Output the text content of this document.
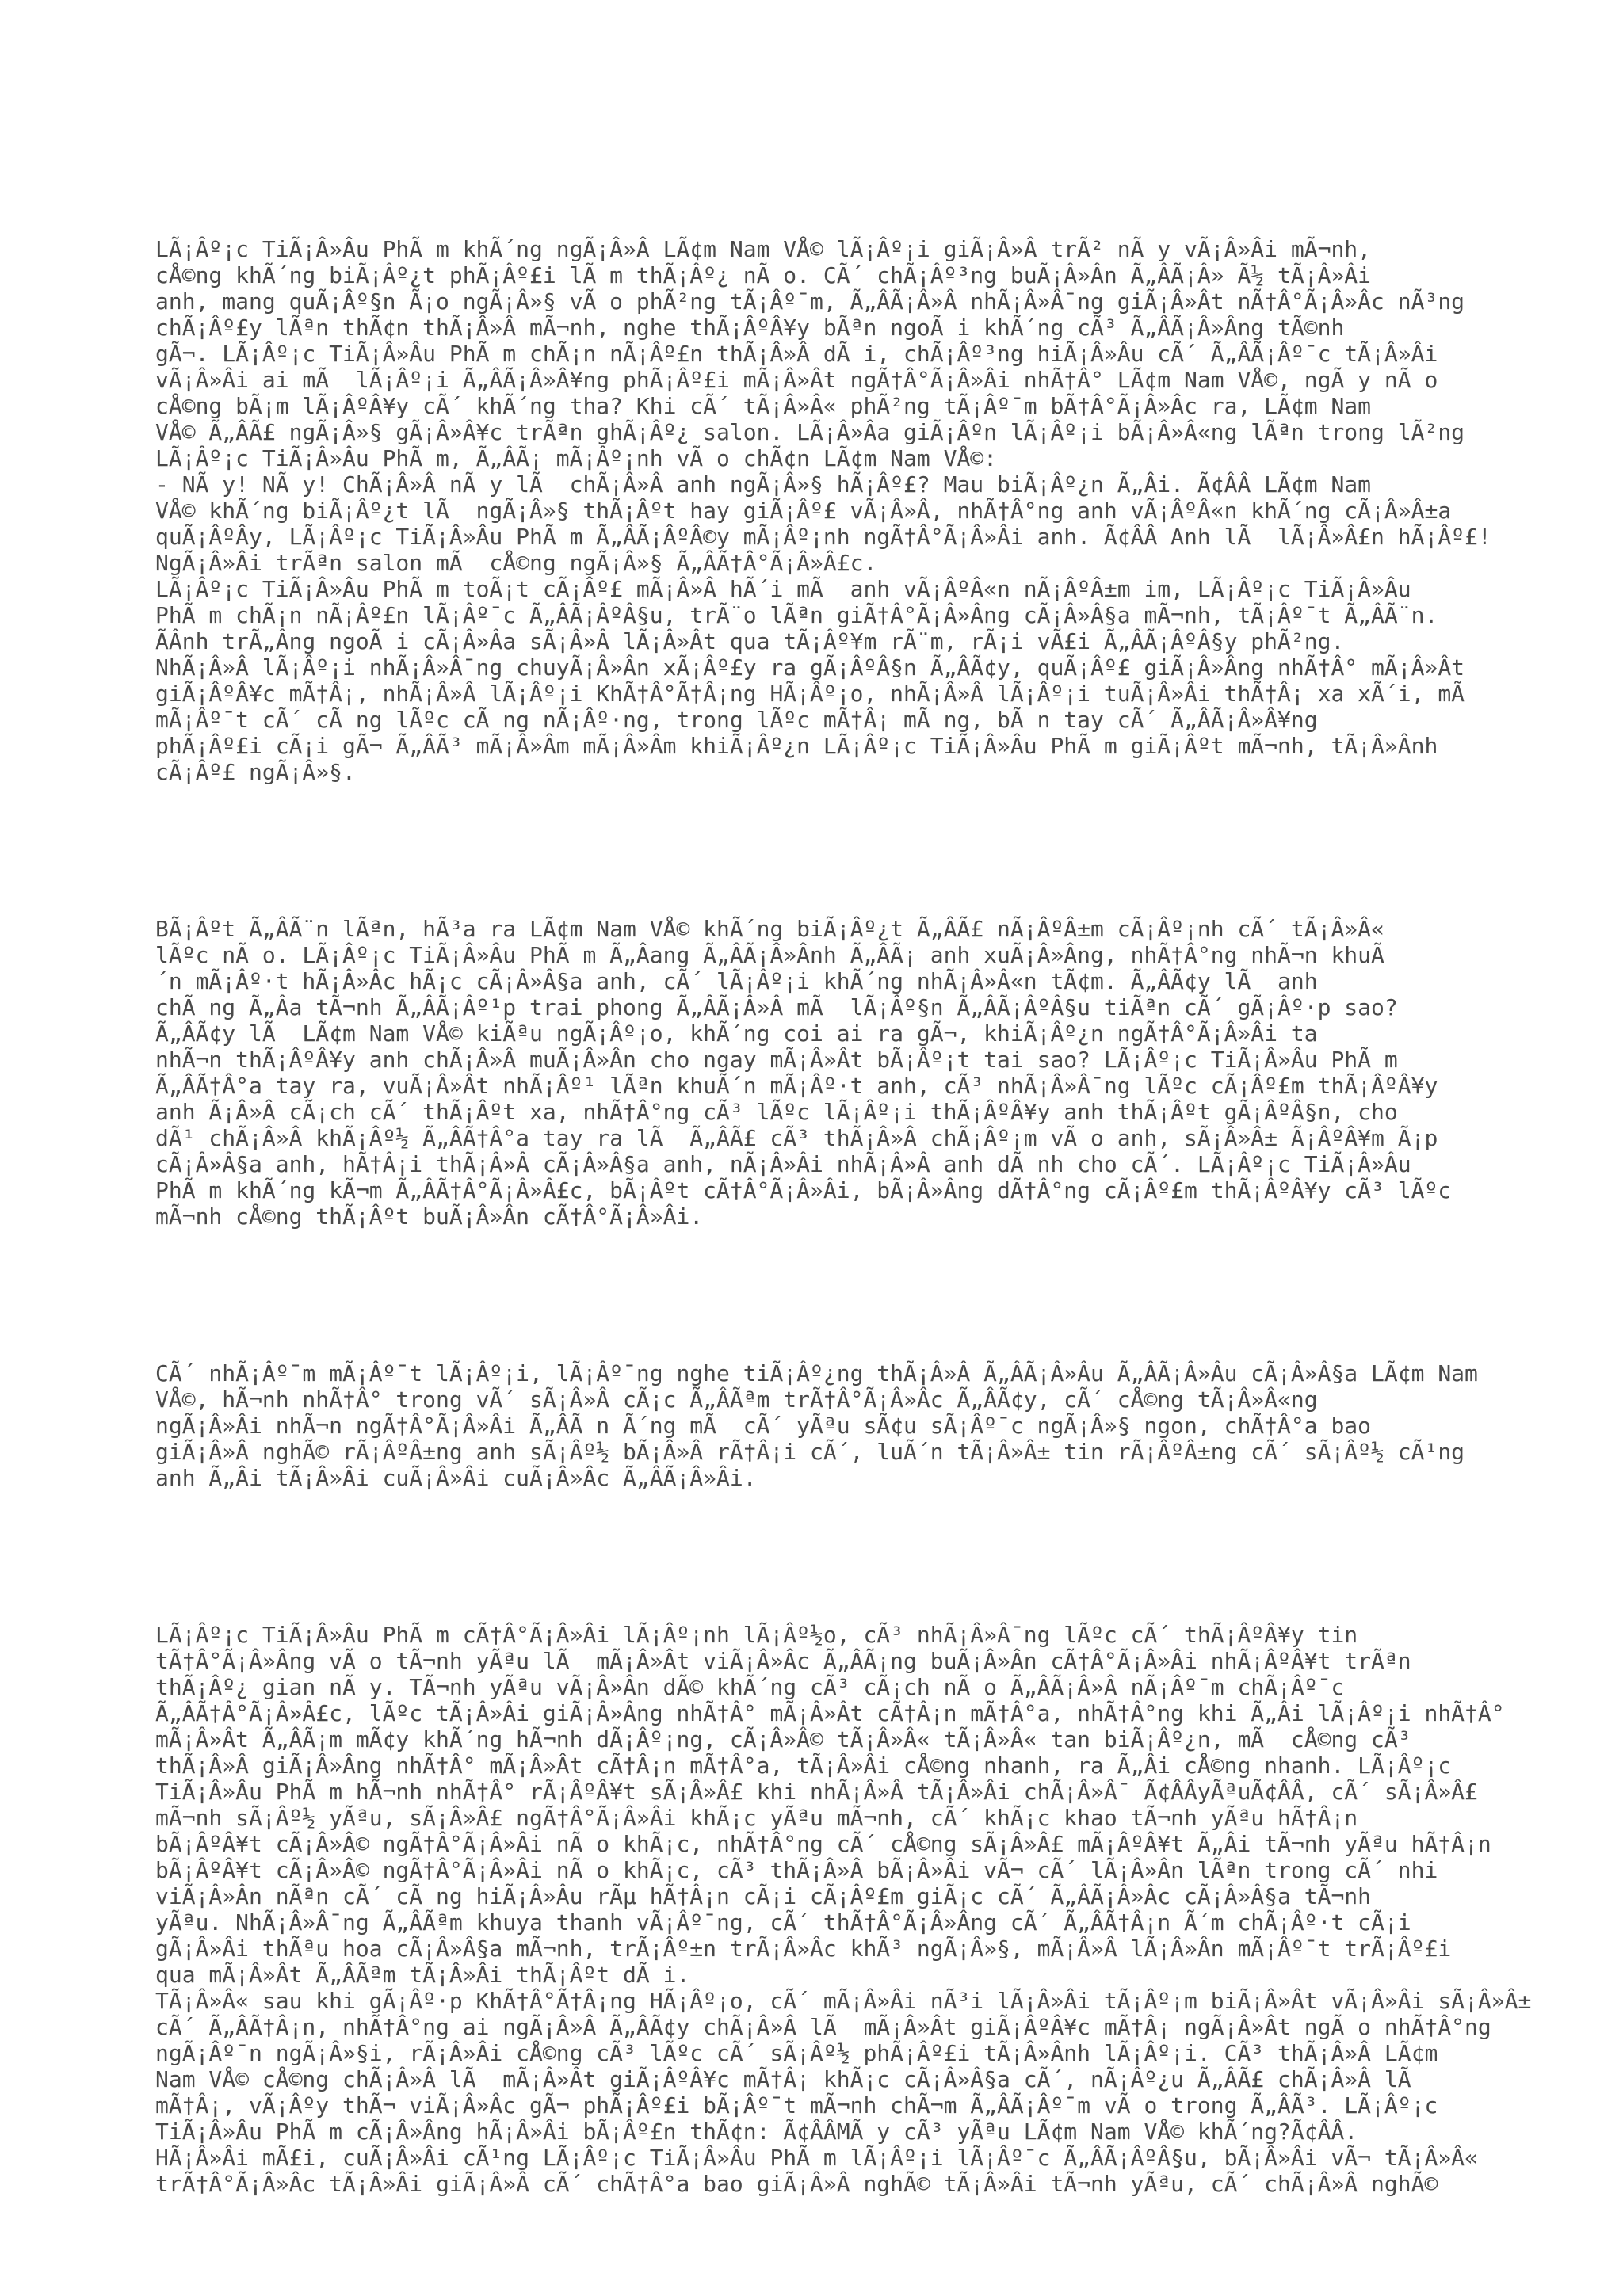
LÃ¡Âº¡c TiÃ¡Â»Âu PhÃ m khÃ´ng ngÃ¡Â»Â LÃ¢m Nam VÅ© lÃ¡Âº¡i giÃ¡Â»Â trÃ² nÃ y vÃ¡Â»Âi mÃ¬nh,
cÅ©ng khÃ´ng biÃ¡Âº¿t phÃ¡Âº£i lÃ m thÃ¡Âº¿ nÃ o. CÃ´ chÃ¡Âº³ng buÃ¡Â»Ân Ã„ÂÃ¡Â» Ã½ tÃ¡Â»Âi
anh, mang quÃ¡Âº§n Ã¡o ngÃ¡Â»§ vÃ o phÃ²ng tÃ¡Âº¯m, Ã„ÂÃ¡Â»Â nhÃ¡Â»Â¯ng giÃ¡Â»Ât nÃ†Â°Ã¡Â»Âc nÃ³ng
chÃ¡Âº£y lÃªn thÃ¢n thÃ¡Â»Â mÃ¬nh, nghe thÃ¡ÂºÂ¥y bÃªn ngoÃ i khÃ´ng cÃ³ Ã„ÂÃ¡Â»Âng tÃ©nh
gÃ¬. LÃ¡Âº¡c TiÃ¡Â»Âu PhÃ m chÃ¡n nÃ¡Âº£n thÃ¡Â»Â dÃ i, chÃ¡Âº³ng hiÃ¡Â»Âu cÃ´ Ã„ÂÃ¡Âº¯c tÃ¡Â»Âi
vÃ¡Â»Âi ai mÃ  lÃ¡Âº¡i Ã„ÂÃ¡Â»Â¥ng phÃ¡Âº£i mÃ¡Â»Ât ngÃ†Â°Ã¡Â»Âi nhÃ†Â° LÃ¢m Nam VÅ©, ngÃ y nÃ o
cÅ©ng bÃ¡m lÃ¡ÂºÂ¥y cÃ´ khÃ´ng tha? Khi cÃ´ tÃ¡Â»Â« phÃ²ng tÃ¡Âº¯m bÃ†Â°Ã¡Â»Âc ra, LÃ¢m Nam
VÅ© Ã„ÂÃ£ ngÃ¡Â»§ gÃ¡Â»Â¥c trÃªn ghÃ¡Âº¿ salon. LÃ¡Â»Âa giÃ¡Âºn lÃ¡Âº¡i bÃ¡Â»Â«ng lÃªn trong lÃ²ng
LÃ¡Âº¡c TiÃ¡Â»Âu PhÃ m, Ã„ÂÃ¡ mÃ¡Âº¡nh vÃ o chÃ¢n LÃ¢m Nam VÅ©:
- NÃ y! NÃ y! ChÃ¡Â»Â nÃ y lÃ  chÃ¡Â»Â anh ngÃ¡Â»§ hÃ¡Âº£? Mau biÃ¡Âº¿n Ã„Âi. Ã¢ÂÂ LÃ¢m Nam
VÅ© khÃ´ng biÃ¡Âº¿t lÃ  ngÃ¡Â»§ thÃ¡Âºt hay giÃ¡Âº£ vÃ¡Â»Â, nhÃ†Â°ng anh vÃ¡ÂºÂ«n khÃ´ng cÃ¡Â»Â±a
quÃ¡ÂºÂy, LÃ¡Âº¡c TiÃ¡Â»Âu PhÃ m Ã„ÂÃ¡ÂºÂ©y mÃ¡Âº¡nh ngÃ†Â°Ã¡Â»Âi anh. Ã¢ÂÂ Anh lÃ  lÃ¡Â»Â£n hÃ¡Âº£!
NgÃ¡Â»Âi trÃªn salon mÃ  cÅ©ng ngÃ¡Â»§ Ã„ÂÃ†Â°Ã¡Â»Â£c.
LÃ¡Âº¡c TiÃ¡Â»Âu PhÃ m toÃ¡t cÃ¡Âº£ mÃ¡Â»Â hÃ´i mÃ  anh vÃ¡ÂºÂ«n nÃ¡ÂºÂ±m im, LÃ¡Âº¡c TiÃ¡Â»Âu
PhÃ m chÃ¡n nÃ¡Âº£n lÃ¡Âº¯c Ã„ÂÃ¡ÂºÂ§u, trÃ¨o lÃªn giÃ†Â°Ã¡Â»Âng cÃ¡Â»Â§a mÃ¬nh, tÃ¡Âº¯t Ã„ÂÃ¨n.
ÃÂnh trÃ„Âng ngoÃ i cÃ¡Â»Âa sÃ¡Â»Â lÃ¡Â»Ât qua tÃ¡Âº¥m rÃ¨m, rÃ¡i vÃ£i Ã„ÂÃ¡ÂºÂ§y phÃ²ng.
NhÃ¡Â»Â lÃ¡Âº¡i nhÃ¡Â»Â¯ng chuyÃ¡Â»Ân xÃ¡Âº£y ra gÃ¡ÂºÂ§n Ã„ÂÃ¢y, quÃ¡Âº£ giÃ¡Â»Âng nhÃ†Â° mÃ¡Â»Ât
giÃ¡ÂºÂ¥c mÃ†Â¡, nhÃ¡Â»Â lÃ¡Âº¡i KhÃ†Â°Ã†Â¡ng HÃ¡Âº¡o, nhÃ¡Â»Â lÃ¡Âº¡i tuÃ¡Â»Âi thÃ†Â¡ xa xÃ´i, mÃ
mÃ¡Âº¯t cÃ´ cÃ ng lÃºc cÃ ng nÃ¡Âº·ng, trong lÃºc mÃ†Â¡ mÃ ng, bÃ n tay cÃ´ Ã„ÂÃ¡Â»Â¥ng
phÃ¡Âº£i cÃ¡i gÃ¬ Ã„ÂÃ³ mÃ¡Â»Âm mÃ¡Â»Âm khiÃ¡Âº¿n LÃ¡Âº¡c TiÃ¡Â»Âu PhÃ m giÃ¡Âºt mÃ¬nh, tÃ¡Â»Ânh
cÃ¡Âº£ ngÃ¡Â»§.

BÃ¡Âºt Ã„ÂÃ¨n lÃªn, hÃ³a ra LÃ¢m Nam VÅ© khÃ´ng biÃ¡Âº¿t Ã„ÂÃ£ nÃ¡ÂºÂ±m cÃ¡Âº¡nh cÃ´ tÃ¡Â»Â«
lÃºc nÃ o. LÃ¡Âº¡c TiÃ¡Â»Âu PhÃ m Ã„Âang Ã„ÂÃ¡Â»Ânh Ã„ÂÃ¡ anh xuÃ¡Â»Âng, nhÃ†Â°ng nhÃ¬n khuÃ
´n mÃ¡Âº·t hÃ¡Â»Âc hÃ¡c cÃ¡Â»Â§a anh, cÃ´ lÃ¡Âº¡i khÃ´ng nhÃ¡Â»Â«n tÃ¢m. Ã„ÂÃ¢y lÃ  anh
chÃ ng Ã„Âa tÃ¬nh Ã„ÂÃ¡Âº¹p trai phong Ã„ÂÃ¡Â»Â mÃ  lÃ¡Âº§n Ã„ÂÃ¡ÂºÂ§u tiÃªn cÃ´ gÃ¡Âº·p sao?
Ã„ÂÃ¢y lÃ  LÃ¢m Nam VÅ© kiÃªu ngÃ¡Âº¡o, khÃ´ng coi ai ra gÃ¬, khiÃ¡Âº¿n ngÃ†Â°Ã¡Â»Âi ta
nhÃ¬n thÃ¡ÂºÂ¥y anh chÃ¡Â»Â muÃ¡Â»Ân cho ngay mÃ¡Â»Ât bÃ¡Âº¡t tai sao? LÃ¡Âº¡c TiÃ¡Â»Âu PhÃ m
Ã„ÂÃ†Â°a tay ra, vuÃ¡Â»Ât nhÃ¡Âº¹ lÃªn khuÃ´n mÃ¡Âº·t anh, cÃ³ nhÃ¡Â»Â¯ng lÃºc cÃ¡Âº£m thÃ¡ÂºÂ¥y
anh Ã¡Â»Â cÃ¡ch cÃ´ thÃ¡Âºt xa, nhÃ†Â°ng cÃ³ lÃºc lÃ¡Âº¡i thÃ¡ÂºÂ¥y anh thÃ¡Âºt gÃ¡ÂºÂ§n, cho
dÃ¹ chÃ¡Â»Â khÃ¡Âº½ Ã„ÂÃ†Â°a tay ra lÃ  Ã„ÂÃ£ cÃ³ thÃ¡Â»Â chÃ¡Âº¡m vÃ o anh, sÃ¡Â»Â± Ã¡ÂºÂ¥m Ã¡p
cÃ¡Â»Â§a anh, hÃ†Â¡i thÃ¡Â»Â cÃ¡Â»Â§a anh, nÃ¡Â»Âi nhÃ¡Â»Â anh dÃ nh cho cÃ´. LÃ¡Âº¡c TiÃ¡Â»Âu
PhÃ m khÃ´ng kÃ¬m Ã„ÂÃ†Â°Ã¡Â»Â£c, bÃ¡Âºt cÃ†Â°Ã¡Â»Âi, bÃ¡Â»Âng dÃ†Â°ng cÃ¡Âº£m thÃ¡ÂºÂ¥y cÃ³ lÃºc
mÃ¬nh cÅ©ng thÃ¡Âºt buÃ¡Â»Ân cÃ†Â°Ã¡Â»Âi.

CÃ´ nhÃ¡Âº¯m mÃ¡Âº¯t lÃ¡Âº¡i, lÃ¡Âº¯ng nghe tiÃ¡Âº¿ng thÃ¡Â»Â Ã„ÂÃ¡Â»Âu Ã„ÂÃ¡Â»Âu cÃ¡Â»Â§a LÃ¢m Nam
VÅ©, hÃ¬nh nhÃ†Â° trong vÃ´ sÃ¡Â»Â cÃ¡c Ã„ÂÃªm trÃ†Â°Ã¡Â»Âc Ã„ÂÃ¢y, cÃ´ cÅ©ng tÃ¡Â»Â«ng
ngÃ¡Â»Âi nhÃ¬n ngÃ†Â°Ã¡Â»Âi Ã„ÂÃ n Ã´ng mÃ  cÃ´ yÃªu sÃ¢u sÃ¡Âº¯c ngÃ¡Â»§ ngon, chÃ†Â°a bao
giÃ¡Â»Â nghÃ© rÃ¡ÂºÂ±ng anh sÃ¡Âº½ bÃ¡Â»Â rÃ†Â¡i cÃ´, luÃ´n tÃ¡Â»Â± tin rÃ¡ÂºÂ±ng cÃ´ sÃ¡Âº½ cÃ¹ng
anh Ã„Âi tÃ¡Â»Âi cuÃ¡Â»Âi cuÃ¡Â»Âc Ã„ÂÃ¡Â»Âi.

LÃ¡Âº¡c TiÃ¡Â»Âu PhÃ m cÃ†Â°Ã¡Â»Âi lÃ¡Âº¡nh lÃ¡Âº½o, cÃ³ nhÃ¡Â»Â¯ng lÃºc cÃ´ thÃ¡ÂºÂ¥y tin
tÃ†Â°Ã¡Â»Âng vÃ o tÃ¬nh yÃªu lÃ  mÃ¡Â»Ât viÃ¡Â»Âc Ã„ÂÃ¡ng buÃ¡Â»Ân cÃ†Â°Ã¡Â»Âi nhÃ¡ÂºÂ¥t trÃªn
thÃ¡Âº¿ gian nÃ y. TÃ¬nh yÃªu vÃ¡Â»Ân dÃ© khÃ´ng cÃ³ cÃ¡ch nÃ o Ã„ÂÃ¡Â»Â nÃ¡Âº¯m chÃ¡Âº¯c
Ã„ÂÃ†Â°Ã¡Â»Â£c, lÃºc tÃ¡Â»Âi giÃ¡Â»Âng nhÃ†Â° mÃ¡Â»Ât cÃ†Â¡n mÃ†Â°a, nhÃ†Â°ng khi Ã„Âi lÃ¡Âº¡i nhÃ†Â°
mÃ¡Â»Ât Ã„ÂÃ¡m mÃ¢y khÃ´ng hÃ¬nh dÃ¡Âº¡ng, cÃ¡Â»Â© tÃ¡Â»Â« tÃ¡Â»Â« tan biÃ¡Âº¿n, mÃ  cÅ©ng cÃ³
thÃ¡Â»Â giÃ¡Â»Âng nhÃ†Â° mÃ¡Â»Ât cÃ†Â¡n mÃ†Â°a, tÃ¡Â»Âi cÅ©ng nhanh, ra Ã„Âi cÅ©ng nhanh. LÃ¡Âº¡c
TiÃ¡Â»Âu PhÃ m hÃ¬nh nhÃ†Â° rÃ¡ÂºÂ¥t sÃ¡Â»Â£ khi nhÃ¡Â»Â tÃ¡Â»Âi chÃ¡Â»Â¯ Ã¢ÂÂyÃªuÃ¢ÂÂ, cÃ´ sÃ¡Â»Â£
mÃ¬nh sÃ¡Âº½ yÃªu, sÃ¡Â»Â£ ngÃ†Â°Ã¡Â»Âi khÃ¡c yÃªu mÃ¬nh, cÃ´ khÃ¡c khao tÃ¬nh yÃªu hÃ†Â¡n
bÃ¡ÂºÂ¥t cÃ¡Â»Â© ngÃ†Â°Ã¡Â»Âi nÃ o khÃ¡c, nhÃ†Â°ng cÃ´ cÅ©ng sÃ¡Â»Â£ mÃ¡ÂºÂ¥t Ã„Âi tÃ¬nh yÃªu hÃ†Â¡n
bÃ¡ÂºÂ¥t cÃ¡Â»Â© ngÃ†Â°Ã¡Â»Âi nÃ o khÃ¡c, cÃ³ thÃ¡Â»Â bÃ¡Â»Âi vÃ¬ cÃ´ lÃ¡Â»Ân lÃªn trong cÃ´ nhi
viÃ¡Â»Ân nÃªn cÃ´ cÃ ng hiÃ¡Â»Âu rÃµ hÃ†Â¡n cÃ¡i cÃ¡Âº£m giÃ¡c cÃ´ Ã„ÂÃ¡Â»Âc cÃ¡Â»Â§a tÃ¬nh
yÃªu. NhÃ¡Â»Â¯ng Ã„ÂÃªm khuya thanh vÃ¡Âº¯ng, cÃ´ thÃ†Â°Ã¡Â»Âng cÃ´ Ã„ÂÃ†Â¡n Ã´m chÃ¡Âº·t cÃ¡i
gÃ¡Â»Âi thÃªu hoa cÃ¡Â»Â§a mÃ¬nh, trÃ¡Âº±n trÃ¡Â»Âc khÃ³ ngÃ¡Â»§, mÃ¡Â»Â lÃ¡Â»Ân mÃ¡Âº¯t trÃ¡Âº£i
qua mÃ¡Â»Ât Ã„ÂÃªm tÃ¡Â»Âi thÃ¡Âºt dÃ i.
TÃ¡Â»Â« sau khi gÃ¡Âº·p KhÃ†Â°Ã†Â¡ng HÃ¡Âº¡o, cÃ´ mÃ¡Â»Âi nÃ³i lÃ¡Â»Âi tÃ¡Âº¡m biÃ¡Â»Ât vÃ¡Â»Âi sÃ¡Â»Â±
cÃ´ Ã„ÂÃ†Â¡n, nhÃ†Â°ng ai ngÃ¡Â»Â Ã„ÂÃ¢y chÃ¡Â»Â lÃ  mÃ¡Â»Ât giÃ¡ÂºÂ¥c mÃ†Â¡ ngÃ¡Â»Ât ngÃ o nhÃ†Â°ng
ngÃ¡Âº¯n ngÃ¡Â»§i, rÃ¡Â»Âi cÅ©ng cÃ³ lÃºc cÃ´ sÃ¡Âº½ phÃ¡Âº£i tÃ¡Â»Ânh lÃ¡Âº¡i. CÃ³ thÃ¡Â»Â LÃ¢m
Nam VÅ© cÅ©ng chÃ¡Â»Â lÃ  mÃ¡Â»Ât giÃ¡ÂºÂ¥c mÃ†Â¡ khÃ¡c cÃ¡Â»Â§a cÃ´, nÃ¡Âº¿u Ã„ÂÃ£ chÃ¡Â»Â lÃ
mÃ†Â¡, vÃ¡Âºy thÃ¬ viÃ¡Â»Âc gÃ¬ phÃ¡Âº£i bÃ¡Âº¯t mÃ¬nh chÃ¬m Ã„ÂÃ¡Âº¯m vÃ o trong Ã„ÂÃ³. LÃ¡Âº¡c
TiÃ¡Â»Âu PhÃ m cÃ¡Â»Âng hÃ¡Â»Âi bÃ¡Âº£n thÃ¢n: Ã¢ÂÂMÃ y cÃ³ yÃªu LÃ¢m Nam VÅ© khÃ´ng?Ã¢ÂÂ.
HÃ¡Â»Âi mÃ£i, cuÃ¡Â»Âi cÃ¹ng LÃ¡Âº¡c TiÃ¡Â»Âu PhÃ m lÃ¡Âº¡i lÃ¡Âº¯c Ã„ÂÃ¡ÂºÂ§u, bÃ¡Â»Âi vÃ¬ tÃ¡Â»Â«
trÃ†Â°Ã¡Â»Âc tÃ¡Â»Âi giÃ¡Â»Â cÃ´ chÃ†Â°a bao giÃ¡Â»Â nghÃ© tÃ¡Â»Âi tÃ¬nh yÃªu, cÃ´ chÃ¡Â»Â nghÃ©
